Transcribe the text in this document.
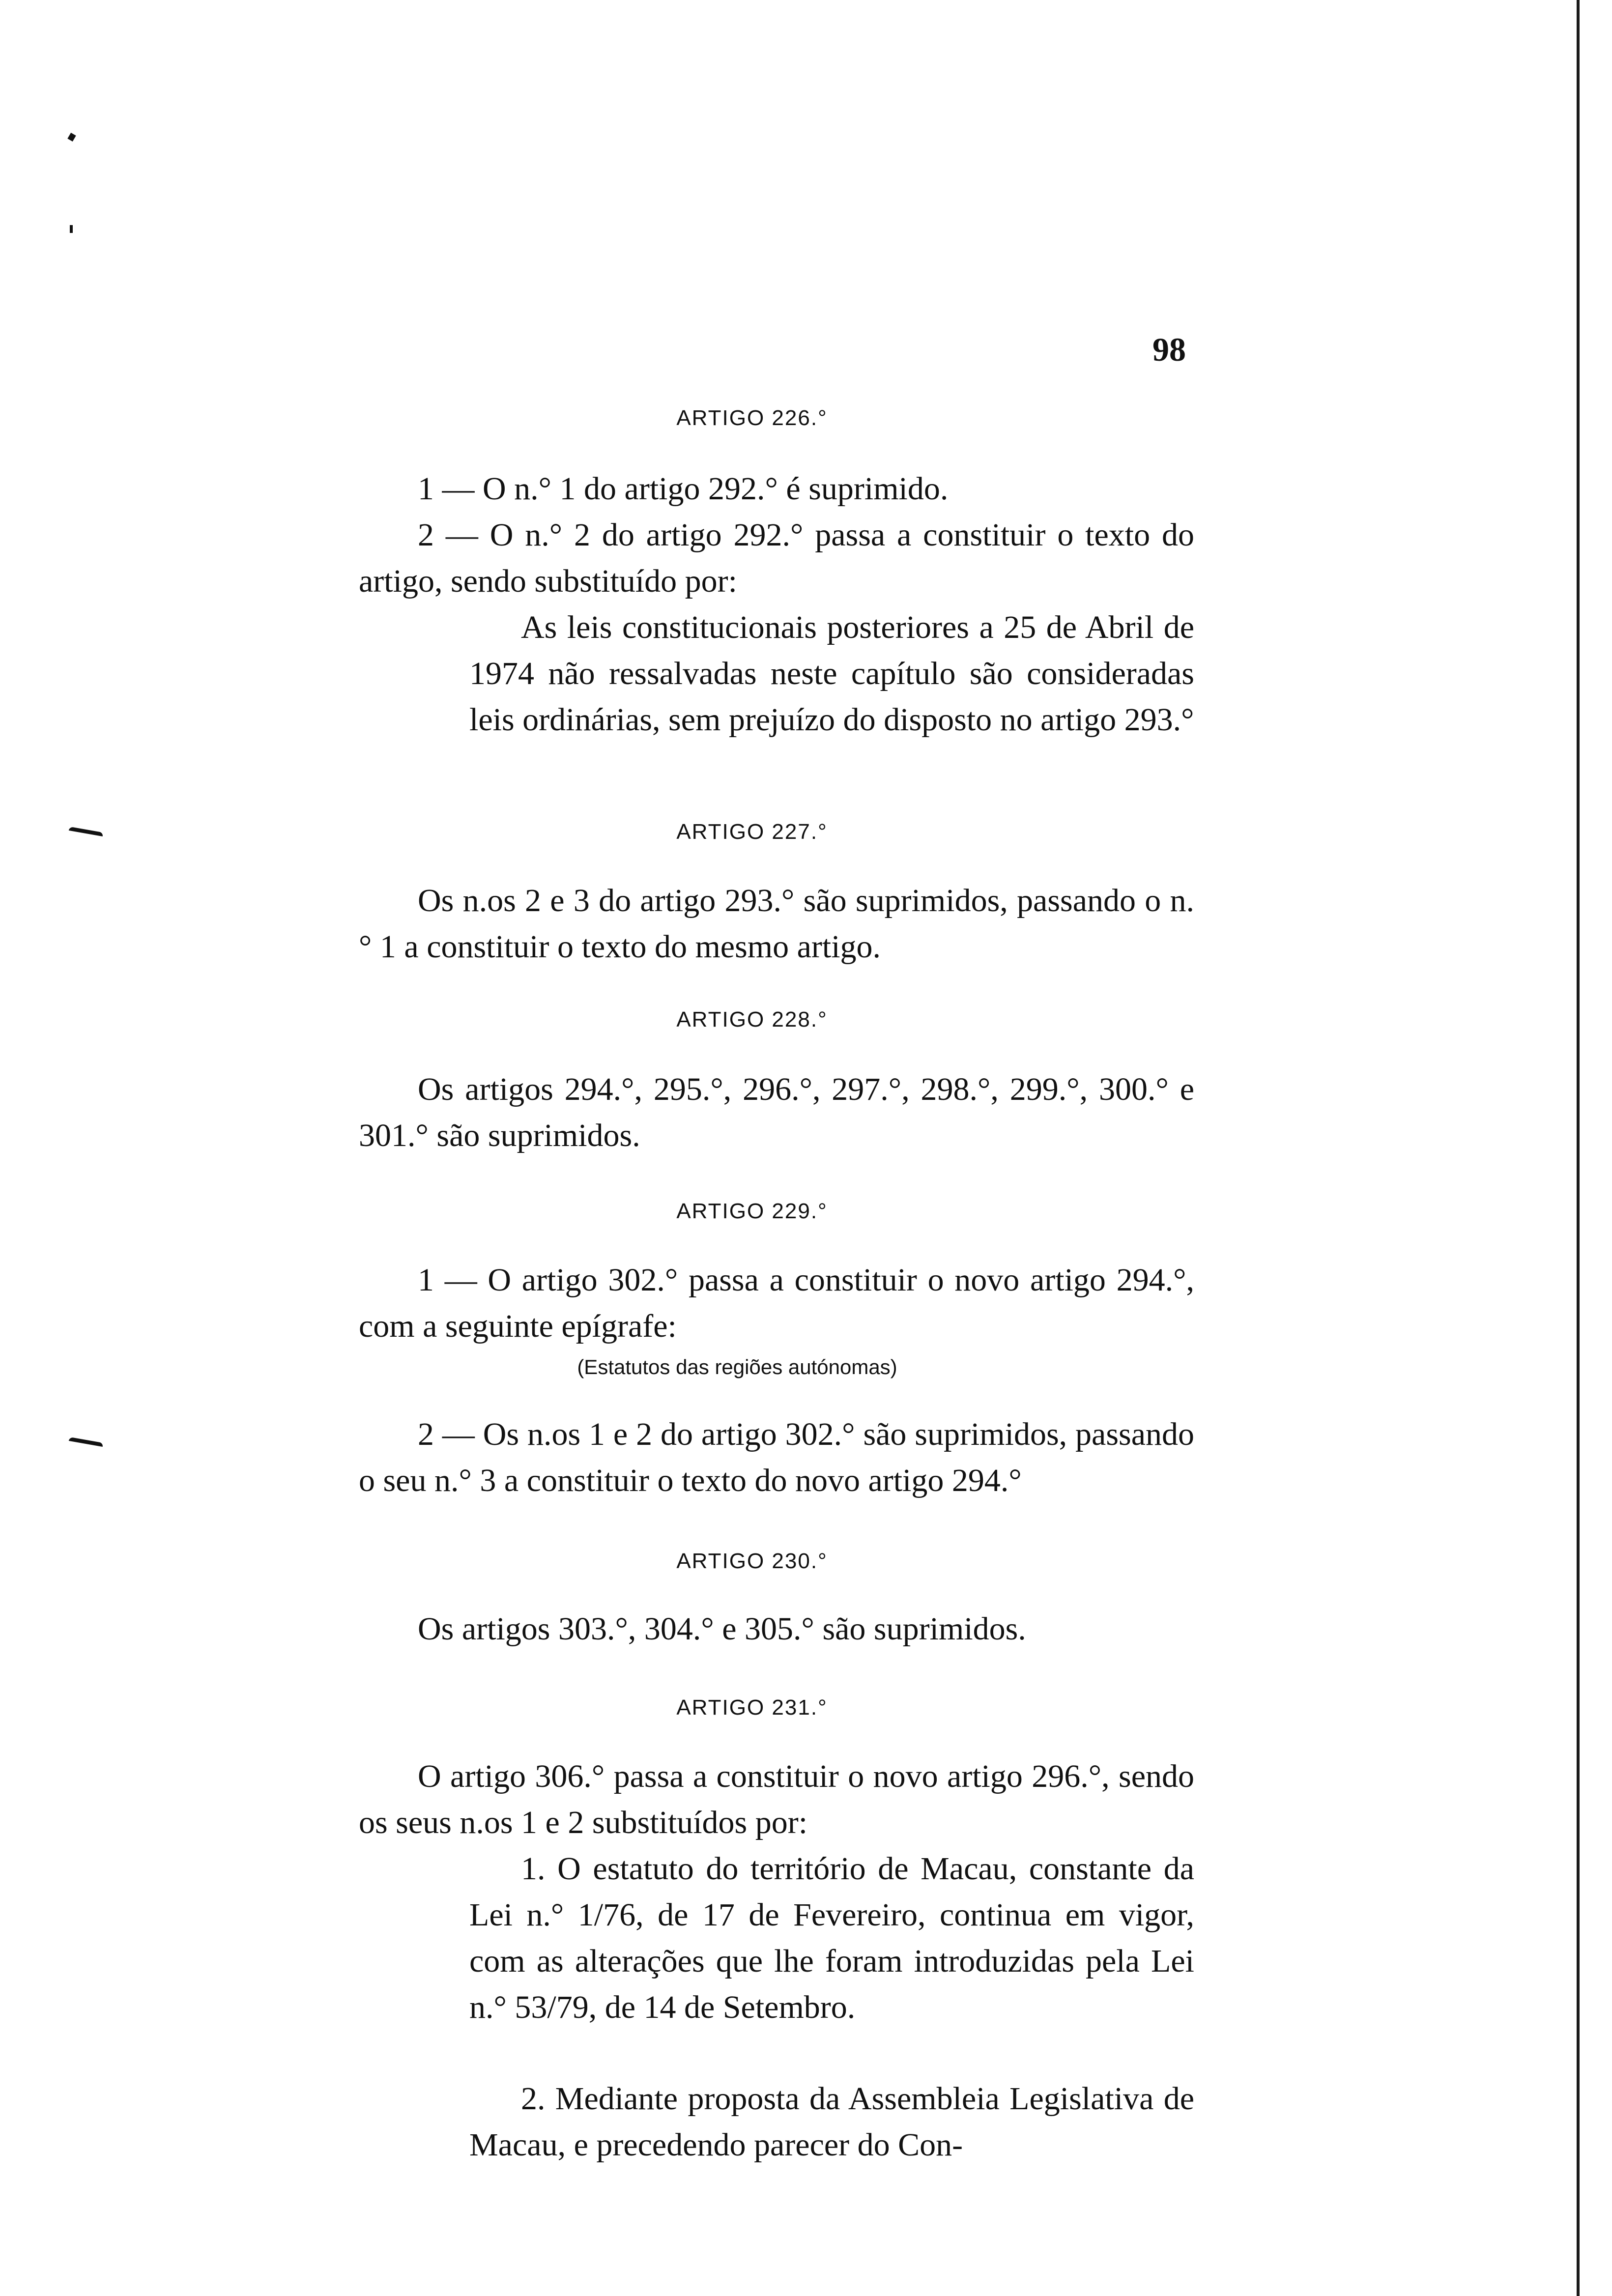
98
ARTIGO 226.°
1 — O n.° 1 do artigo 292.° é suprimido.
2 — O n.° 2 do artigo 292.° passa a constituir o texto do artigo, sendo substituído por:
As leis constitucionais posteriores a 25 de Abril de 1974 não ressalvadas neste capítulo são consideradas leis ordinárias, sem prejuízo do disposto no artigo 293.°
ARTIGO 227.°
Os n.os 2 e 3 do artigo 293.° são suprimidos, passando o n.° 1 a constituir o texto do mesmo artigo.
ARTIGO 228.°
Os artigos 294.°, 295.°, 296.°, 297.°, 298.°, 299.°, 300.° e 301.° são suprimidos.
ARTIGO 229.°
1 — O artigo 302.° passa a constituir o novo artigo 294.°, com a seguinte epígrafe:
(Estatutos das regiões autónomas)
2 — Os n.os 1 e 2 do artigo 302.° são suprimidos, passando o seu n.° 3 a constituir o texto do novo artigo 294.°
ARTIGO 230.°
Os artigos 303.°, 304.° e 305.° são suprimidos.
ARTIGO 231.°
O artigo 306.° passa a constituir o novo artigo 296.°, sendo os seus n.os 1 e 2 substituídos por:
1. O estatuto do território de Macau, constante da Lei n.° 1/76, de 17 de Fevereiro, continua em vigor, com as alterações que lhe foram introduzidas pela Lei n.° 53/79, de 14 de Setembro.
2. Mediante proposta da Assembleia Legislativa de Macau, e precedendo parecer do Con-
